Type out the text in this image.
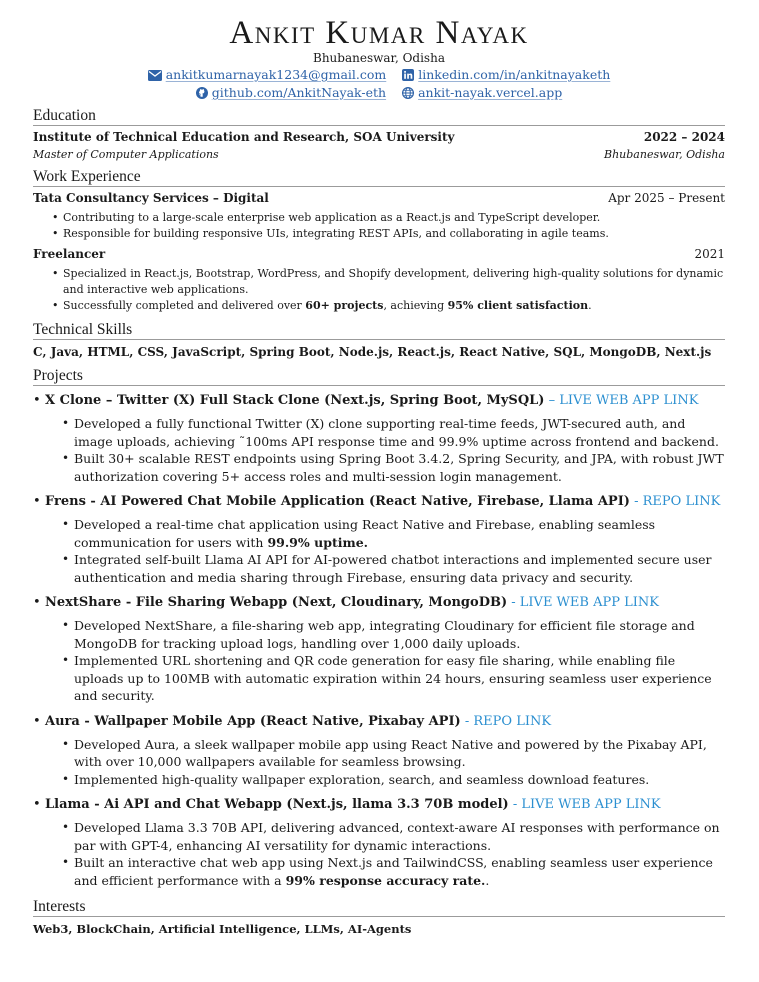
Ankit Kumar Nayak
Bhubaneswar, Odisha
ankitkumarnayak1234@gmail.com	linkedin.com/in/ankitnayaketh
github.com/AnkitNayak-eth	ankit-nayak.vercel.app
Education
Institute of Technical Education and Research, SOA University	2022 – 2024
Master of Computer Applications	Bhubaneswar, Odisha
Work Experience
Tata Consultancy Services – Digital	Apr 2025 – Present
• Contributing to a large-scale enterprise web application as a React.js and TypeScript developer.
• Responsible for building responsive UIs, integrating REST APIs, and collaborating in agile teams.
Freelancer	2021
• Specialized in React.js, Bootstrap, WordPress, and Shopify development, delivering high-quality solutions for dynamic and interactive web applications.
• Successfully completed and delivered over 60+ projects, achieving 95% client satisfaction.
Technical Skills
C, Java, HTML, CSS, JavaScript, Spring Boot, Node.js, React.js, React Native, SQL, MongoDB, Next.js
Projects
• X Clone – Twitter (X) Full Stack Clone (Next.js, Spring Boot, MySQL) – LIVE WEB APP LINK
• Developed a fully functional Twitter (X) clone supporting real-time feeds, JWT-secured auth, and image uploads, achieving ˜100ms API response time and 99.9% uptime across frontend and backend.
• Built 30+ scalable REST endpoints using Spring Boot 3.4.2, Spring Security, and JPA, with robust JWT authorization covering 5+ access roles and multi-session login management.
• Frens - AI Powered Chat Mobile Application (React Native, Firebase, Llama API) - REPO LINK
• Developed a real-time chat application using React Native and Firebase, enabling seamless communication for users with 99.9% uptime.
• Integrated self-built Llama AI API for AI-powered chatbot interactions and implemented secure user authentication and media sharing through Firebase, ensuring data privacy and security.
• NextShare - File Sharing Webapp (Next, Cloudinary, MongoDB) - LIVE WEB APP LINK
• Developed NextShare, a file-sharing web app, integrating Cloudinary for efficient file storage and MongoDB for tracking upload logs, handling over 1,000 daily uploads.
• Implemented URL shortening and QR code generation for easy file sharing, while enabling file uploads up to 100MB with automatic expiration within 24 hours, ensuring seamless user experience and security.
• Aura - Wallpaper Mobile App (React Native, Pixabay API) - REPO LINK
• Developed Aura, a sleek wallpaper mobile app using React Native and powered by the Pixabay API, with over 10,000 wallpapers available for seamless browsing.
• Implemented high-quality wallpaper exploration, search, and seamless download features.
• Llama - Ai API and Chat Webapp (Next.js, llama 3.3 70B model) - LIVE WEB APP LINK
• Developed Llama 3.3 70B API, delivering advanced, context-aware AI responses with performance on par with GPT-4, enhancing AI versatility for dynamic interactions.
• Built an interactive chat web app using Next.js and TailwindCSS, enabling seamless user experience and efficient performance with a 99% response accuracy rate..
Interests
Web3, BlockChain, Artificial Intelligence, LLMs, AI-Agents
